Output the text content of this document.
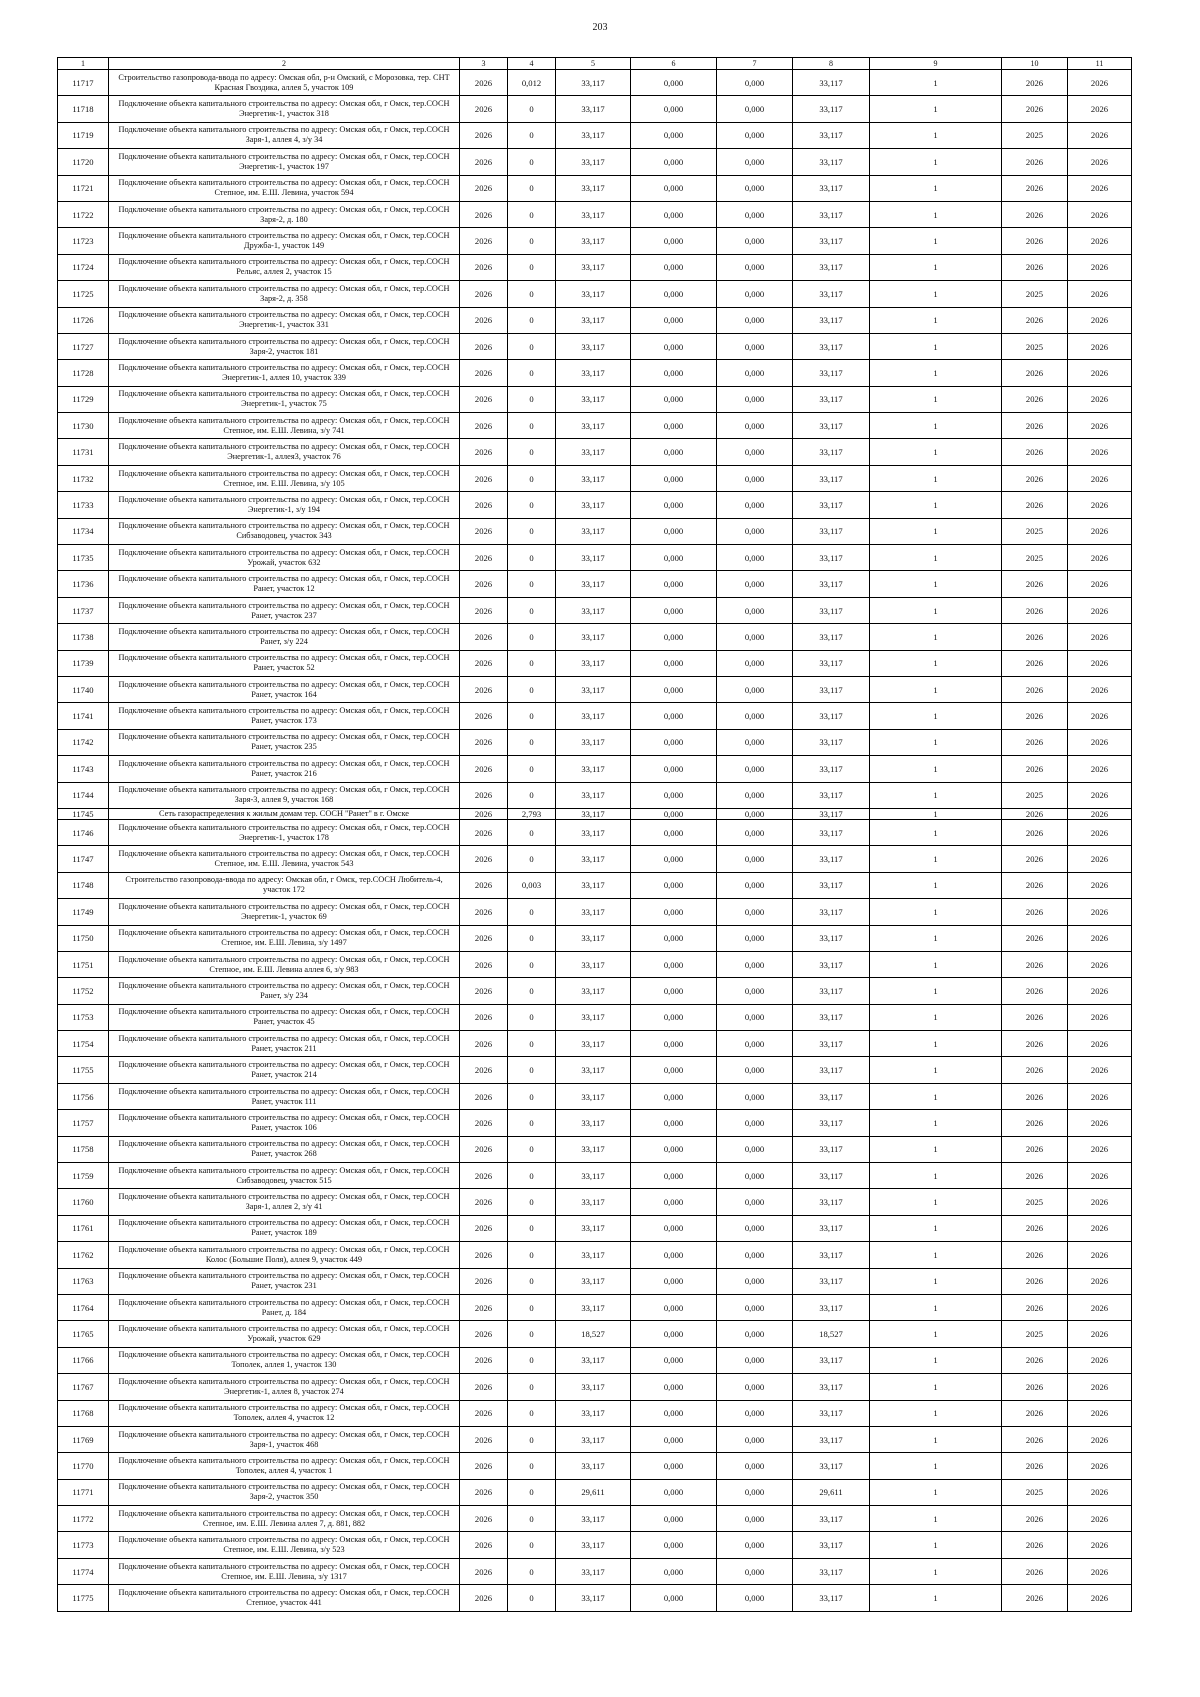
203
1	2	3	4	5	6	7	8	9	10	11
11717	Строительство газопровода-ввода по адресу: Омская обл, р-н Омский, с Морозовка, тер. СНТ Красная Гвоздика, аллея 5, участок 109	2026	0,012	33,117	0,000	0,000	33,117	1	2026	2026
11718	Подключение объекта капитального строительства по адресу: Омская обл, г Омск, тер.СОСН Энергетик-1, участок 318	2026	0	33,117	0,000	0,000	33,117	1	2026	2026
11719	Подключение объекта капитального строительства по адресу: Омская обл, г Омск, тер.СОСН Заря-1, аллея 4, з/у 34	2026	0	33,117	0,000	0,000	33,117	1	2025	2026
11720	Подключение объекта капитального строительства по адресу: Омская обл, г Омск, тер.СОСН Энергетик-1, участок 197	2026	0	33,117	0,000	0,000	33,117	1	2026	2026
11721	Подключение объекта капитального строительства по адресу: Омская обл, г Омск, тер.СОСН Степное, им. Е.Ш. Левина, участок 594	2026	0	33,117	0,000	0,000	33,117	1	2026	2026
11722	Подключение объекта капитального строительства по адресу: Омская обл, г Омск, тер.СОСН Заря-2, д. 180	2026	0	33,117	0,000	0,000	33,117	1	2026	2026
11723	Подключение объекта капитального строительства по адресу: Омская обл, г Омск, тер.СОСН Дружба-1, участок 149	2026	0	33,117	0,000	0,000	33,117	1	2026	2026
11724	Подключение объекта капитального строительства по адресу: Омская обл, г Омск, тер.СОСН Рельяс, аллея 2, участок 15	2026	0	33,117	0,000	0,000	33,117	1	2026	2026
11725	Подключение объекта капитального строительства по адресу: Омская обл, г Омск, тер.СОСН Заря-2, д. 358	2026	0	33,117	0,000	0,000	33,117	1	2025	2026
11726	Подключение объекта капитального строительства по адресу: Омская обл, г Омск, тер.СОСН Энергетик-1, участок 331	2026	0	33,117	0,000	0,000	33,117	1	2026	2026
11727	Подключение объекта капитального строительства по адресу: Омская обл, г Омск, тер.СОСН Заря-2, участок 181	2026	0	33,117	0,000	0,000	33,117	1	2025	2026
11728	Подключение объекта капитального строительства по адресу: Омская обл, г Омск, тер.СОСН Энергетик-1, аллея 10, участок 339	2026	0	33,117	0,000	0,000	33,117	1	2026	2026
11729	Подключение объекта капитального строительства по адресу: Омская обл, г Омск, тер.СОСН Энергетик-1, участок 75	2026	0	33,117	0,000	0,000	33,117	1	2026	2026
11730	Подключение объекта капитального строительства по адресу: Омская обл, г Омск, тер.СОСН Степное, им. Е.Ш. Левина, з/у 741	2026	0	33,117	0,000	0,000	33,117	1	2026	2026
11731	Подключение объекта капитального строительства по адресу: Омская обл, г Омск, тер.СОСН Энергетик-1, аллея3, участок 76	2026	0	33,117	0,000	0,000	33,117	1	2026	2026
11732	Подключение объекта капитального строительства по адресу: Омская обл, г Омск, тер.СОСН Степное, им. Е.Ш. Левина, з/у 105	2026	0	33,117	0,000	0,000	33,117	1	2026	2026
11733	Подключение объекта капитального строительства по адресу: Омская обл, г Омск, тер.СОСН Энергетик-1, з/у 194	2026	0	33,117	0,000	0,000	33,117	1	2026	2026
11734	Подключение объекта капитального строительства по адресу: Омская обл, г Омск, тер.СОСН Сибзаводовец, участок 343	2026	0	33,117	0,000	0,000	33,117	1	2025	2026
11735	Подключение объекта капитального строительства по адресу: Омская обл, г Омск, тер.СОСН Урожай, участок 632	2026	0	33,117	0,000	0,000	33,117	1	2025	2026
11736	Подключение объекта капитального строительства по адресу: Омская обл, г Омск, тер.СОСН Ранет, участок 12	2026	0	33,117	0,000	0,000	33,117	1	2026	2026
11737	Подключение объекта капитального строительства по адресу: Омская обл, г Омск, тер.СОСН Ранет, участок 237	2026	0	33,117	0,000	0,000	33,117	1	2026	2026
11738	Подключение объекта капитального строительства по адресу: Омская обл, г Омск, тер.СОСН Ранет, з/у 224	2026	0	33,117	0,000	0,000	33,117	1	2026	2026
11739	Подключение объекта капитального строительства по адресу: Омская обл, г Омск, тер.СОСН Ранет, участок 52	2026	0	33,117	0,000	0,000	33,117	1	2026	2026
11740	Подключение объекта капитального строительства по адресу: Омская обл, г Омск, тер.СОСН Ранет, участок 164	2026	0	33,117	0,000	0,000	33,117	1	2026	2026
11741	Подключение объекта капитального строительства по адресу: Омская обл, г Омск, тер.СОСН Ранет, участок 173	2026	0	33,117	0,000	0,000	33,117	1	2026	2026
11742	Подключение объекта капитального строительства по адресу: Омская обл, г Омск, тер.СОСН Ранет, участок 235	2026	0	33,117	0,000	0,000	33,117	1	2026	2026
11743	Подключение объекта капитального строительства по адресу: Омская обл, г Омск, тер.СОСН Ранет, участок 216	2026	0	33,117	0,000	0,000	33,117	1	2026	2026
11744	Подключение объекта капитального строительства по адресу: Омская обл, г Омск, тер.СОСН Заря-3, аллея 9, участок 168	2026	0	33,117	0,000	0,000	33,117	1	2025	2026
11745	Сеть газораспределения к жилым домам тер. СОСН "Ранет" в г. Омске	2026	2,793	33,117	0,000	0,000	33,117	1	2026	2026
11746	Подключение объекта капитального строительства по адресу: Омская обл, г Омск, тер.СОСН Энергетик-1, участок 178	2026	0	33,117	0,000	0,000	33,117	1	2026	2026
11747	Подключение объекта капитального строительства по адресу: Омская обл, г Омск, тер.СОСН Степное, им. Е.Ш. Левина, участок 543	2026	0	33,117	0,000	0,000	33,117	1	2026	2026
11748	Строительство газопровода-ввода по адресу: Омская обл, г Омск, тер.СОСН Любитель-4, участок 172	2026	0,003	33,117	0,000	0,000	33,117	1	2026	2026
11749	Подключение объекта капитального строительства по адресу: Омская обл, г Омск, тер.СОСН Энергетик-1, участок 69	2026	0	33,117	0,000	0,000	33,117	1	2026	2026
11750	Подключение объекта капитального строительства по адресу: Омская обл, г Омск, тер.СОСН Степное, им. Е.Ш. Левина, з/у 1497	2026	0	33,117	0,000	0,000	33,117	1	2026	2026
11751	Подключение объекта капитального строительства по адресу: Омская обл, г Омск, тер.СОСН Степное, им. Е.Ш. Левина аллея 6, з/у 983	2026	0	33,117	0,000	0,000	33,117	1	2026	2026
11752	Подключение объекта капитального строительства по адресу: Омская обл, г Омск, тер.СОСН Ранет, з/у 234	2026	0	33,117	0,000	0,000	33,117	1	2026	2026
11753	Подключение объекта капитального строительства по адресу: Омская обл, г Омск, тер.СОСН Ранет, участок 45	2026	0	33,117	0,000	0,000	33,117	1	2026	2026
11754	Подключение объекта капитального строительства по адресу: Омская обл, г Омск, тер.СОСН Ранет, участок 211	2026	0	33,117	0,000	0,000	33,117	1	2026	2026
11755	Подключение объекта капитального строительства по адресу: Омская обл, г Омск, тер.СОСН Ранет, участок 214	2026	0	33,117	0,000	0,000	33,117	1	2026	2026
11756	Подключение объекта капитального строительства по адресу: Омская обл, г Омск, тер.СОСН Ранет, участок 111	2026	0	33,117	0,000	0,000	33,117	1	2026	2026
11757	Подключение объекта капитального строительства по адресу: Омская обл, г Омск, тер.СОСН Ранет, участок 106	2026	0	33,117	0,000	0,000	33,117	1	2026	2026
11758	Подключение объекта капитального строительства по адресу: Омская обл, г Омск, тер.СОСН Ранет, участок 268	2026	0	33,117	0,000	0,000	33,117	1	2026	2026
11759	Подключение объекта капитального строительства по адресу: Омская обл, г Омск, тер.СОСН Сибзаводовец, участок 515	2026	0	33,117	0,000	0,000	33,117	1	2026	2026
11760	Подключение объекта капитального строительства по адресу: Омская обл, г Омск, тер.СОСН Заря-1, аллея 2, з/у 41	2026	0	33,117	0,000	0,000	33,117	1	2025	2026
11761	Подключение объекта капитального строительства по адресу: Омская обл, г Омск, тер.СОСН Ранет, участок 189	2026	0	33,117	0,000	0,000	33,117	1	2026	2026
11762	Подключение объекта капитального строительства по адресу: Омская обл, г Омск, тер.СОСН Колос (Большие Поля), аллея 9, участок 449	2026	0	33,117	0,000	0,000	33,117	1	2026	2026
11763	Подключение объекта капитального строительства по адресу: Омская обл, г Омск, тер.СОСН Ранет, участок 231	2026	0	33,117	0,000	0,000	33,117	1	2026	2026
11764	Подключение объекта капитального строительства по адресу: Омская обл, г Омск, тер.СОСН Ранет, д. 184	2026	0	33,117	0,000	0,000	33,117	1	2026	2026
11765	Подключение объекта капитального строительства по адресу: Омская обл, г Омск, тер.СОСН Урожай, участок 629	2026	0	18,527	0,000	0,000	18,527	1	2025	2026
11766	Подключение объекта капитального строительства по адресу: Омская обл, г Омск, тер.СОСН Тополек, аллея 1, участок 130	2026	0	33,117	0,000	0,000	33,117	1	2026	2026
11767	Подключение объекта капитального строительства по адресу: Омская обл, г Омск, тер.СОСН Энергетик-1, аллея 8, участок 274	2026	0	33,117	0,000	0,000	33,117	1	2026	2026
11768	Подключение объекта капитального строительства по адресу: Омская обл, г Омск, тер.СОСН Тополек, аллея 4, участок 12	2026	0	33,117	0,000	0,000	33,117	1	2026	2026
11769	Подключение объекта капитального строительства по адресу: Омская обл, г Омск, тер.СОСН Заря-1, участок 468	2026	0	33,117	0,000	0,000	33,117	1	2026	2026
11770	Подключение объекта капитального строительства по адресу: Омская обл, г Омск, тер.СОСН Тополек, аллея 4, участок 1	2026	0	33,117	0,000	0,000	33,117	1	2026	2026
11771	Подключение объекта капитального строительства по адресу: Омская обл, г Омск, тер.СОСН Заря-2, участок 350	2026	0	29,611	0,000	0,000	29,611	1	2025	2026
11772	Подключение объекта капитального строительства по адресу: Омская обл, г Омск, тер.СОСН Степное, им. Е.Ш. Левина аллея 7, д. 881, 882	2026	0	33,117	0,000	0,000	33,117	1	2026	2026
11773	Подключение объекта капитального строительства по адресу: Омская обл, г Омск, тер.СОСН Степное, им. Е.Ш. Левина, з/у 523	2026	0	33,117	0,000	0,000	33,117	1	2026	2026
11774	Подключение объекта капитального строительства по адресу: Омская обл, г Омск, тер.СОСН Степное, им. Е.Ш. Левина, з/у 1317	2026	0	33,117	0,000	0,000	33,117	1	2026	2026
11775	Подключение объекта капитального строительства по адресу: Омская обл, г Омск, тер.СОСН Степное, участок 441	2026	0	33,117	0,000	0,000	33,117	1	2026	2026
